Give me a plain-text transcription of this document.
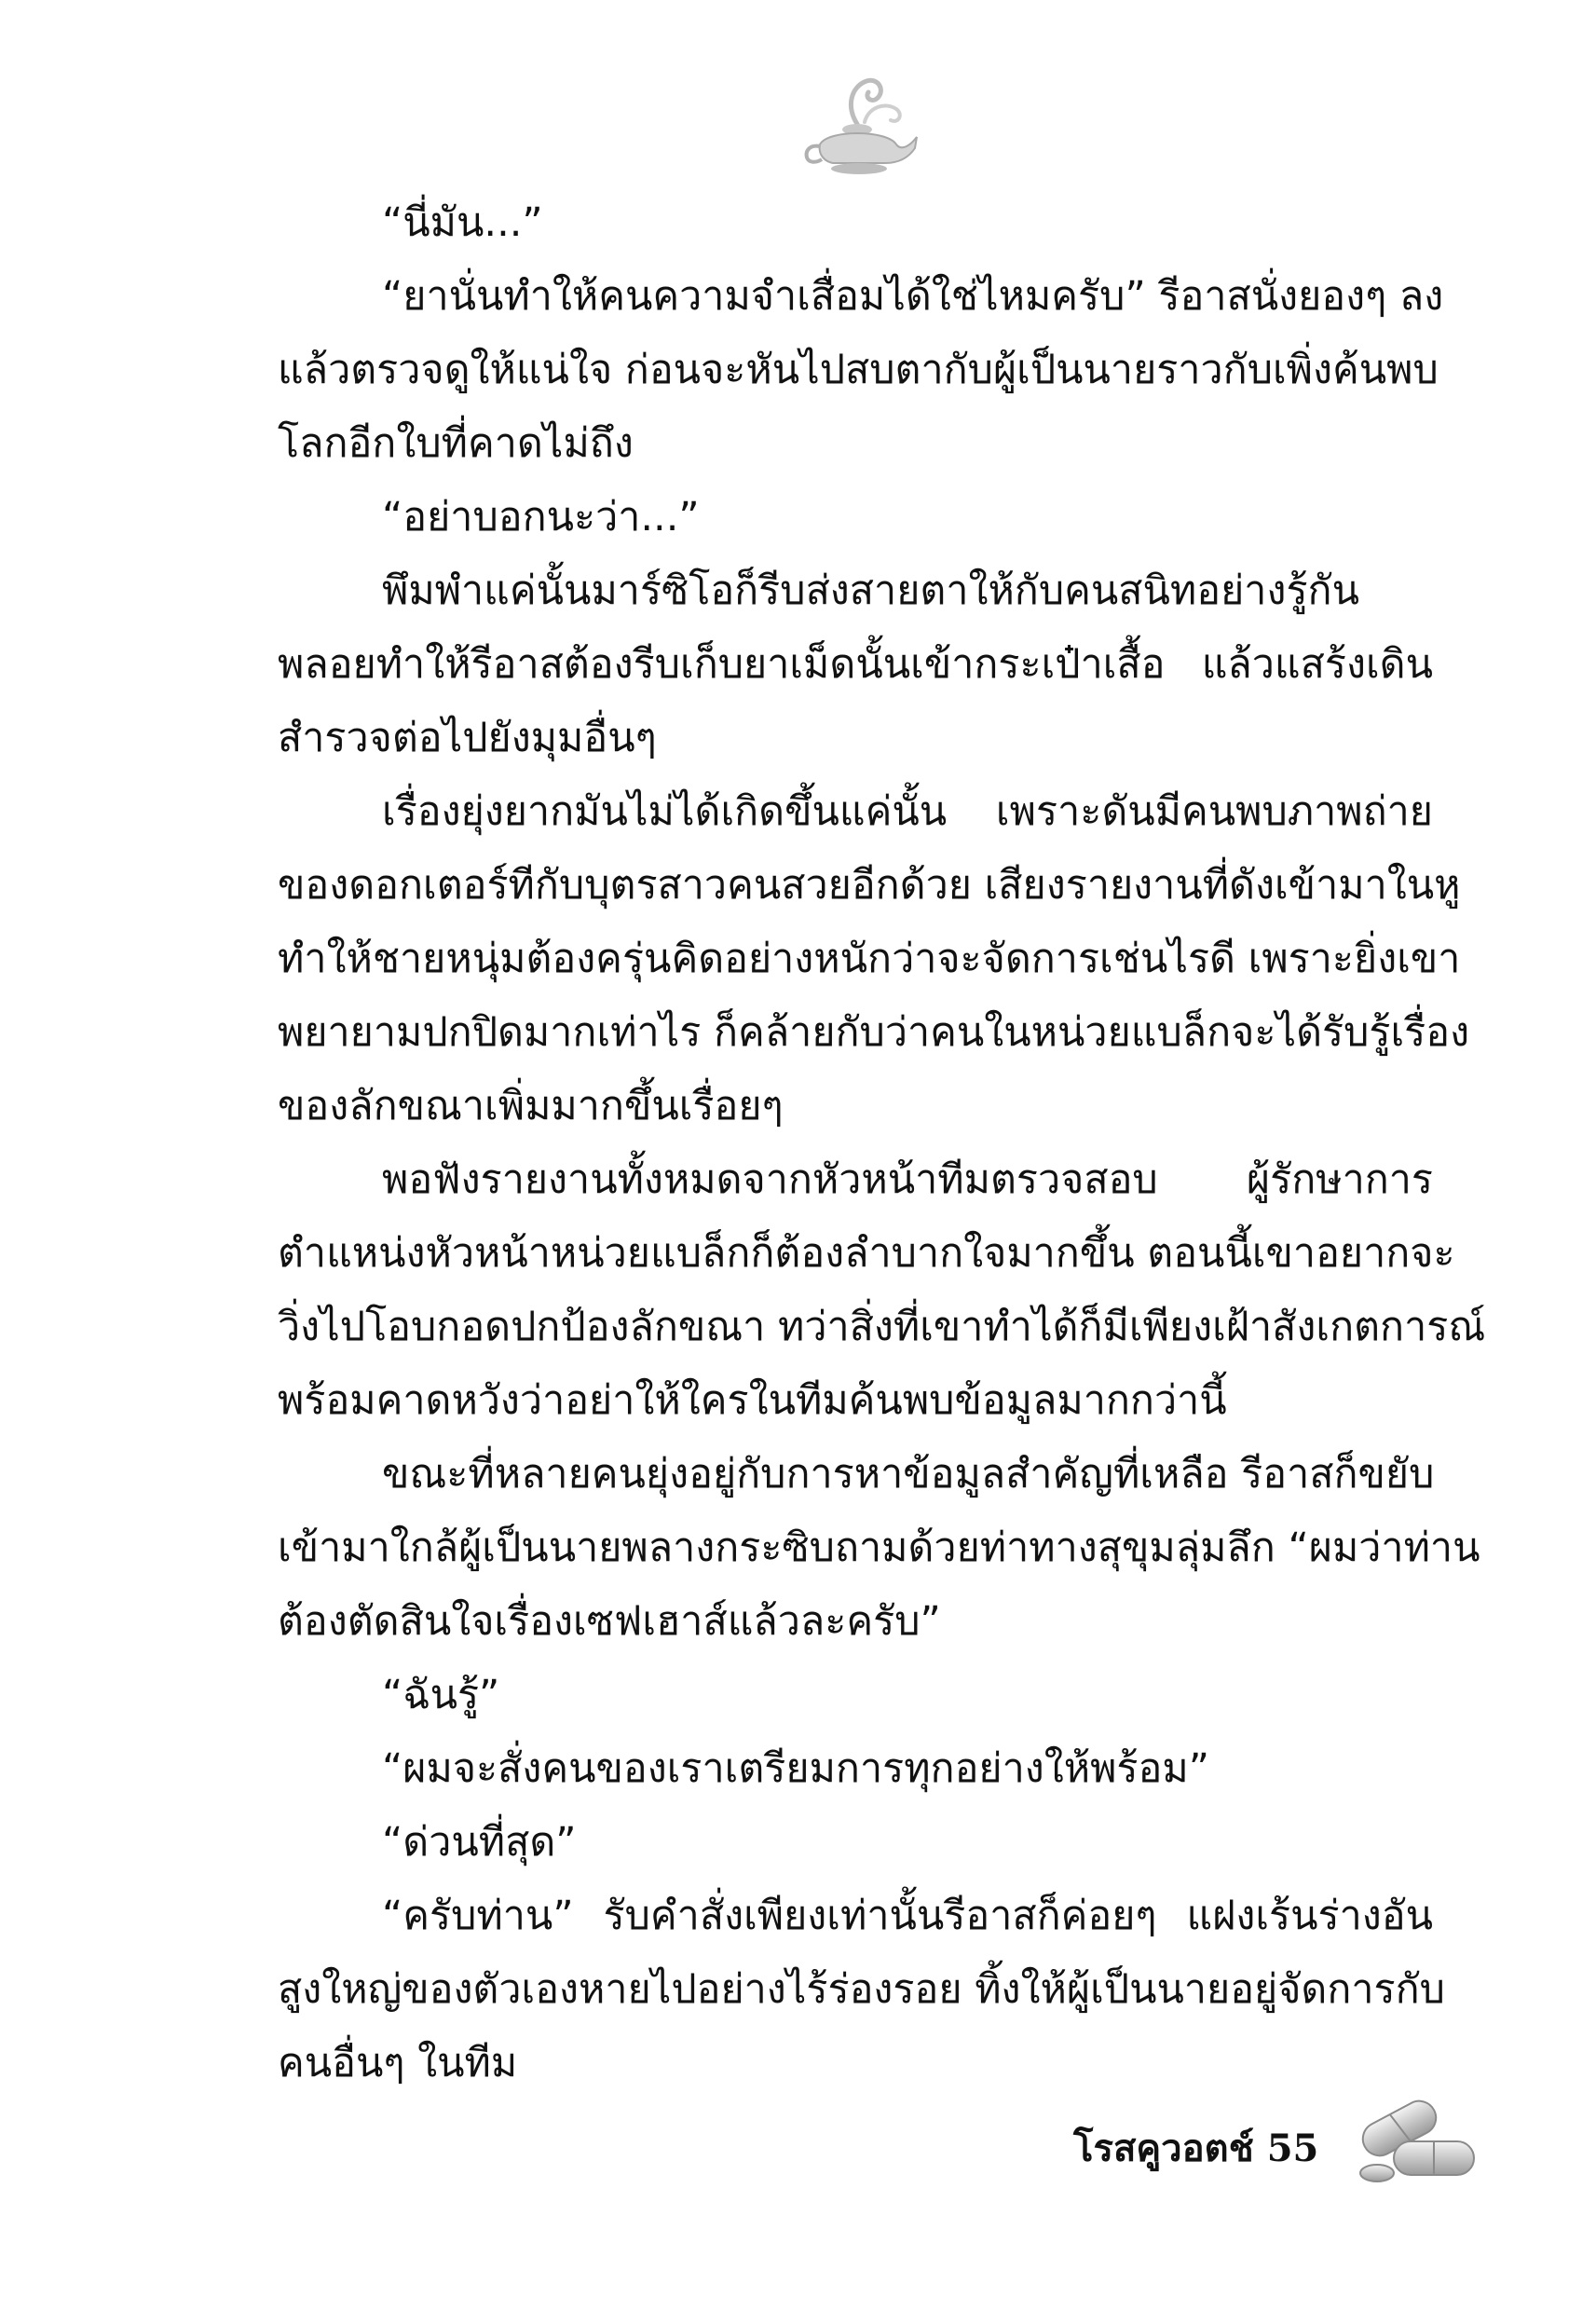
“นี่มัน...”
“ยานั่นทำให้คนความจำเสื่อมได้ใช่ไหมครับ” รีอาสนั่งยองๆ ลง
แล้วตรวจดูให้แน่ใจ ก่อนจะหันไปสบตากับผู้เป็นนายราวกับเพิ่งค้นพบ
โลกอีกใบที่คาดไม่ถึง
“อย่าบอกนะว่า...”
พึมพำแค่นั้นมาร์ซิโอก็รีบส่งสายตาให้กับคนสนิทอย่างรู้กัน
พลอยทำให้รีอาสต้องรีบเก็บยาเม็ดนั้นเข้ากระเป๋าเสื้อ แล้วแสร้งเดิน
สำรวจต่อไปยังมุมอื่นๆ
เรื่องยุ่งยากมันไม่ได้เกิดขึ้นแค่นั้น เพราะดันมีคนพบภาพถ่าย
ของดอกเตอร์ทีกับบุตรสาวคนสวยอีกด้วย เสียงรายงานที่ดังเข้ามาในหู
ทำให้ชายหนุ่มต้องครุ่นคิดอย่างหนักว่าจะจัดการเช่นไรดี เพราะยิ่งเขา
พยายามปกปิดมากเท่าไร ก็คล้ายกับว่าคนในหน่วยแบล็กจะได้รับรู้เรื่อง
ของลักขณาเพิ่มมากขึ้นเรื่อยๆ
พอฟังรายงานทั้งหมดจากหัวหน้าทีมตรวจสอบ ผู้รักษาการ
ตำแหน่งหัวหน้าหน่วยแบล็กก็ต้องลำบากใจมากขึ้น ตอนนี้เขาอยากจะ
วิ่งไปโอบกอดปกป้องลักขณา ทว่าสิ่งที่เขาทำได้ก็มีเพียงเฝ้าสังเกตการณ์
พร้อมคาดหวังว่าอย่าให้ใครในทีมค้นพบข้อมูลมากกว่านี้
ขณะที่หลายคนยุ่งอยู่กับการหาข้อมูลสำคัญที่เหลือ รีอาสก็ขยับ
เข้ามาใกล้ผู้เป็นนายพลางกระซิบถามด้วยท่าทางสุขุมลุ่มลึก “ผมว่าท่าน
ต้องตัดสินใจเรื่องเซฟเฮาส์แล้วละครับ”
“ฉันรู้”
“ผมจะสั่งคนของเราเตรียมการทุกอย่างให้พร้อม”
“ด่วนที่สุด”
“ครับท่าน” รับคำสั่งเพียงเท่านั้นรีอาสก็ค่อยๆ แฝงเร้นร่างอัน
สูงใหญ่ของตัวเองหายไปอย่างไร้ร่องรอย ทิ้งให้ผู้เป็นนายอยู่จัดการกับ
คนอื่นๆ ในทีม
โรสคูวอตช์ 55
